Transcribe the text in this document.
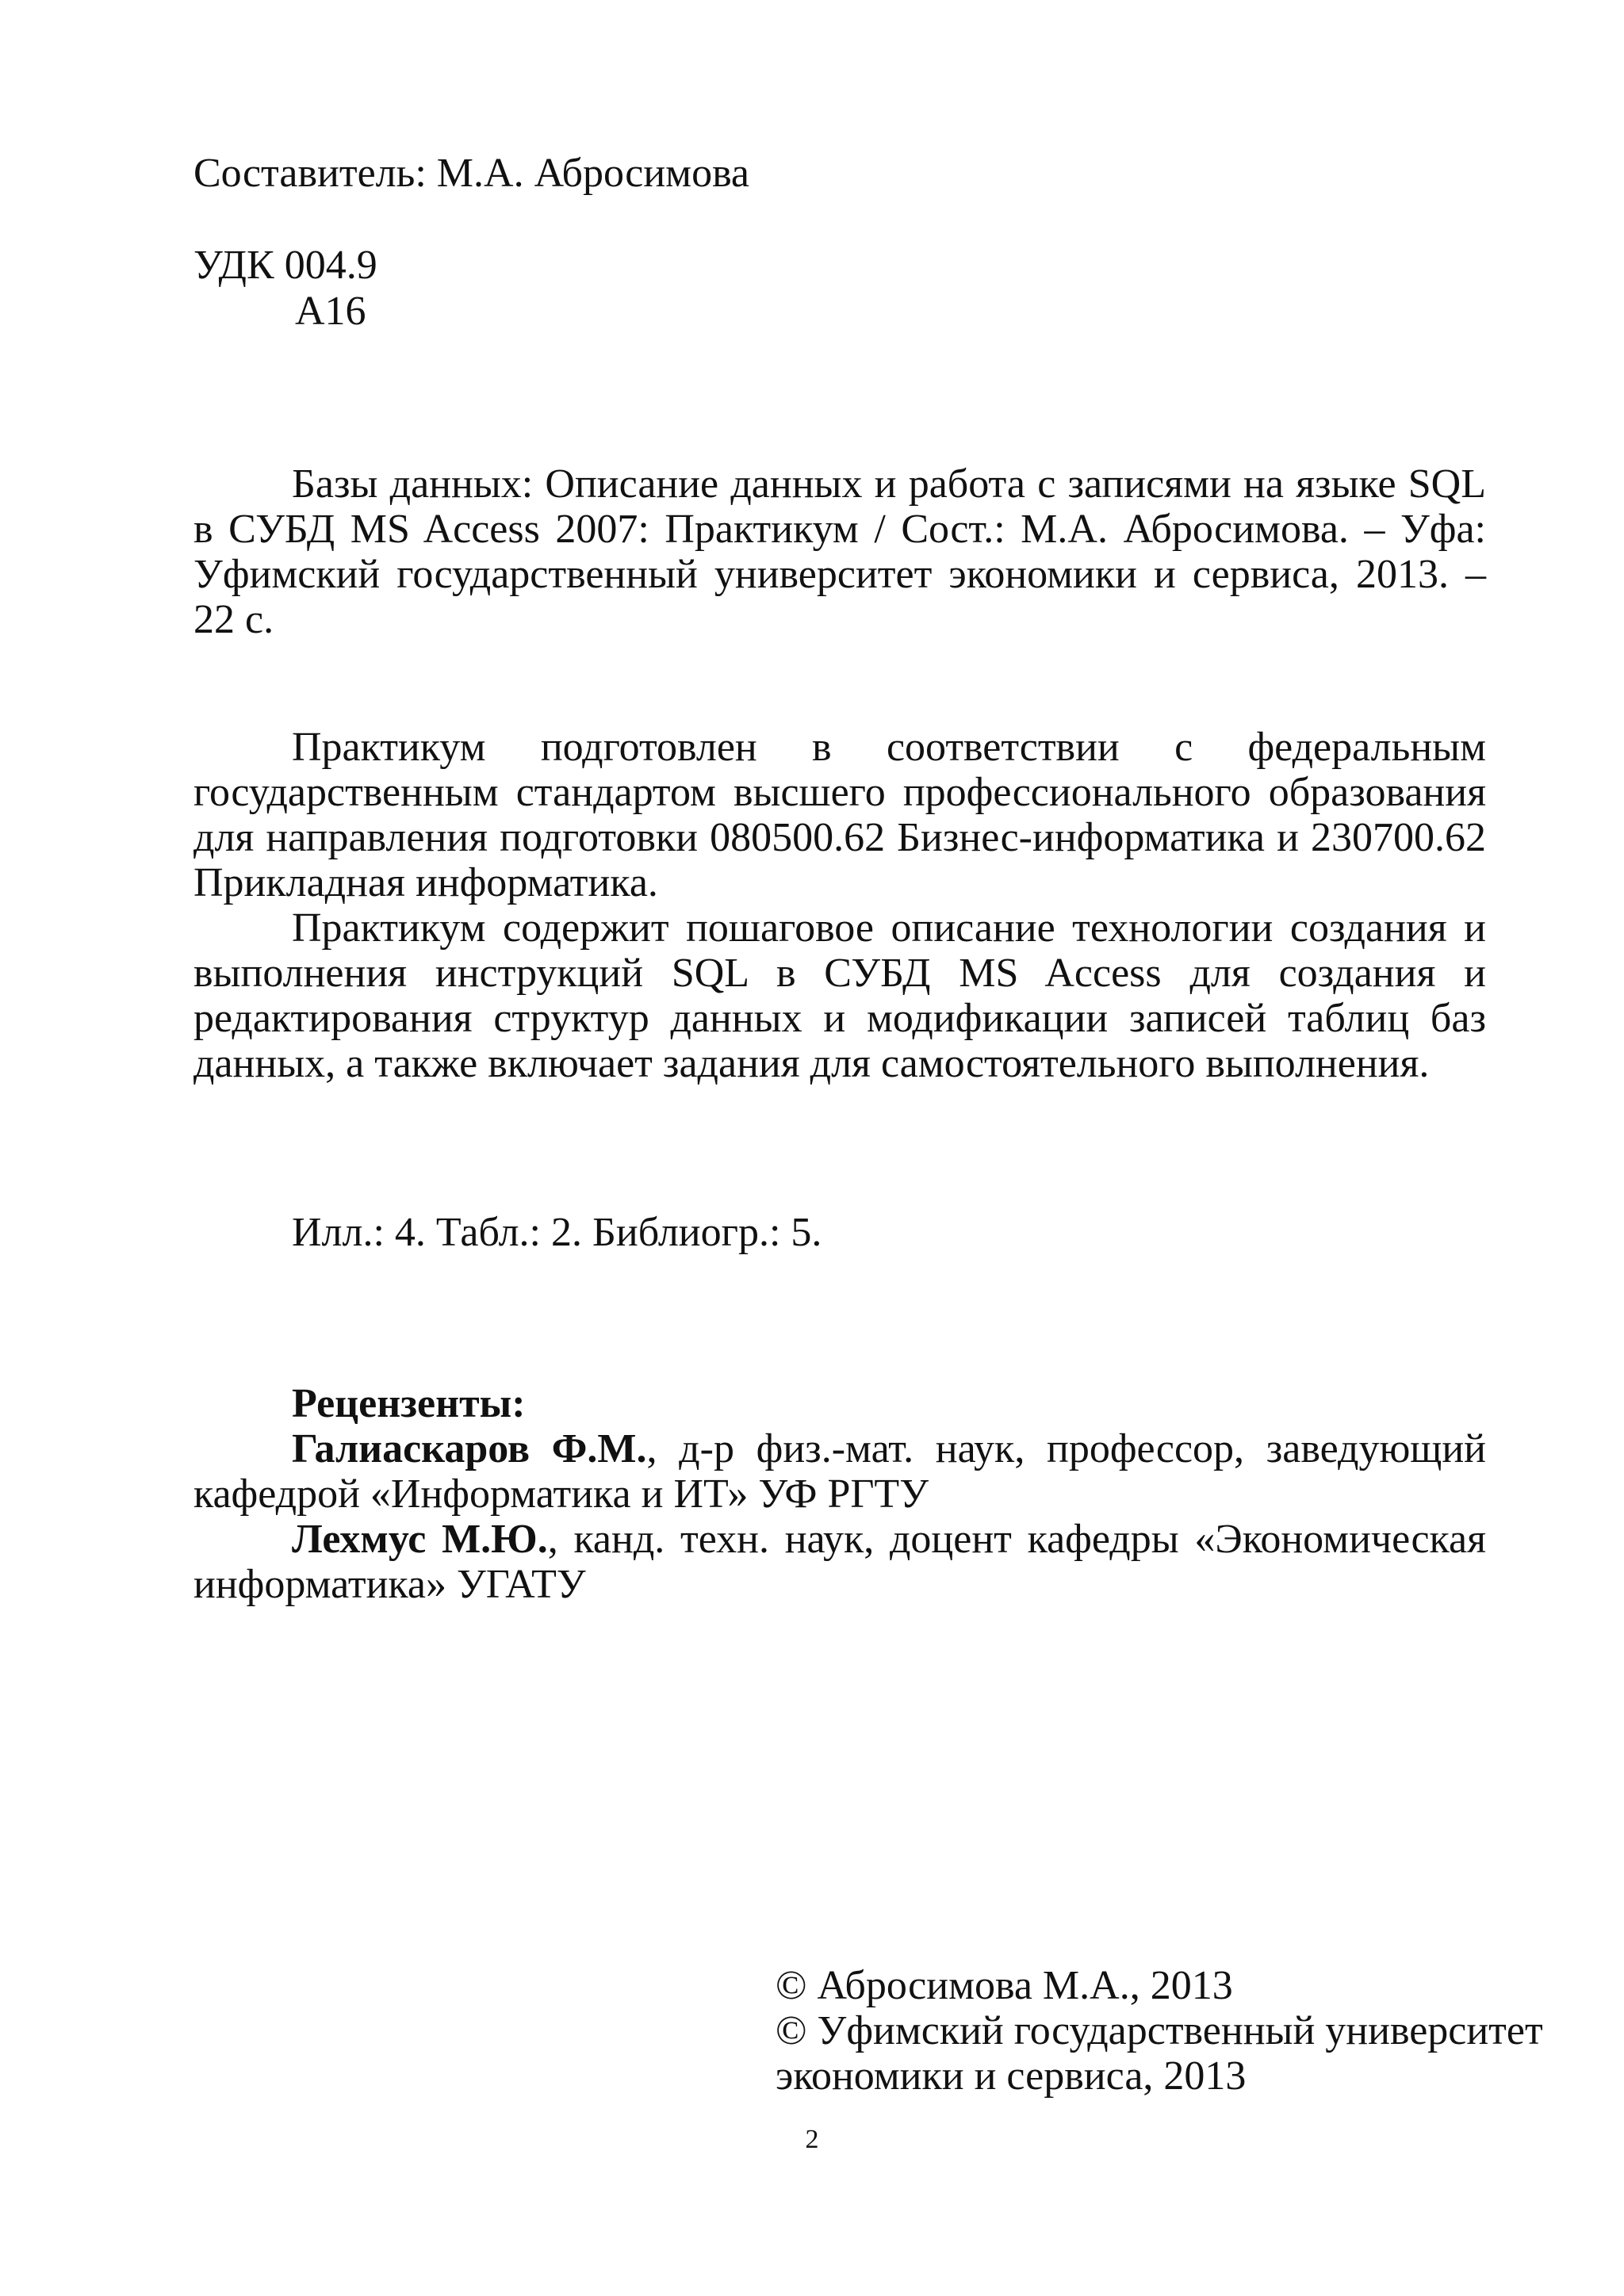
Составитель: М.А. Абросимова
УДК 004.9
А16

Базы данных: Описание данных и работа с записями на языке SQL в СУБД MS Access 2007: Практикум / Сост.: М.А. Абросимова. – Уфа: Уфимский государственный университет экономики и сервиса, 2013. – 22 с.

Практикум подготовлен в соответствии с федеральным государственным стандартом высшего профессионального образования для направления подготовки 080500.62 Бизнес-информатика и 230700.62 Прикладная информатика.

Практикум содержит пошаговое описание технологии создания и выполнения инструкций SQL в СУБД MS Access для создания и редактирования структур данных и модификации записей таблиц баз данных, а также включает задания для самостоятельного выполнения.

Илл.: 4. Табл.: 2. Библиогр.: 5.

Рецензенты:

Галиаскаров Ф.М., д-р физ.-мат. наук, профессор, заведующий кафедрой «Информатика и ИТ» УФ РГТУ

Лехмус М.Ю., канд. техн. наук, доцент кафедры «Экономическая информатика» УГАТУ

© Абросимова М.А., 2013
© Уфимский государственный университет
экономики и сервиса, 2013
2
